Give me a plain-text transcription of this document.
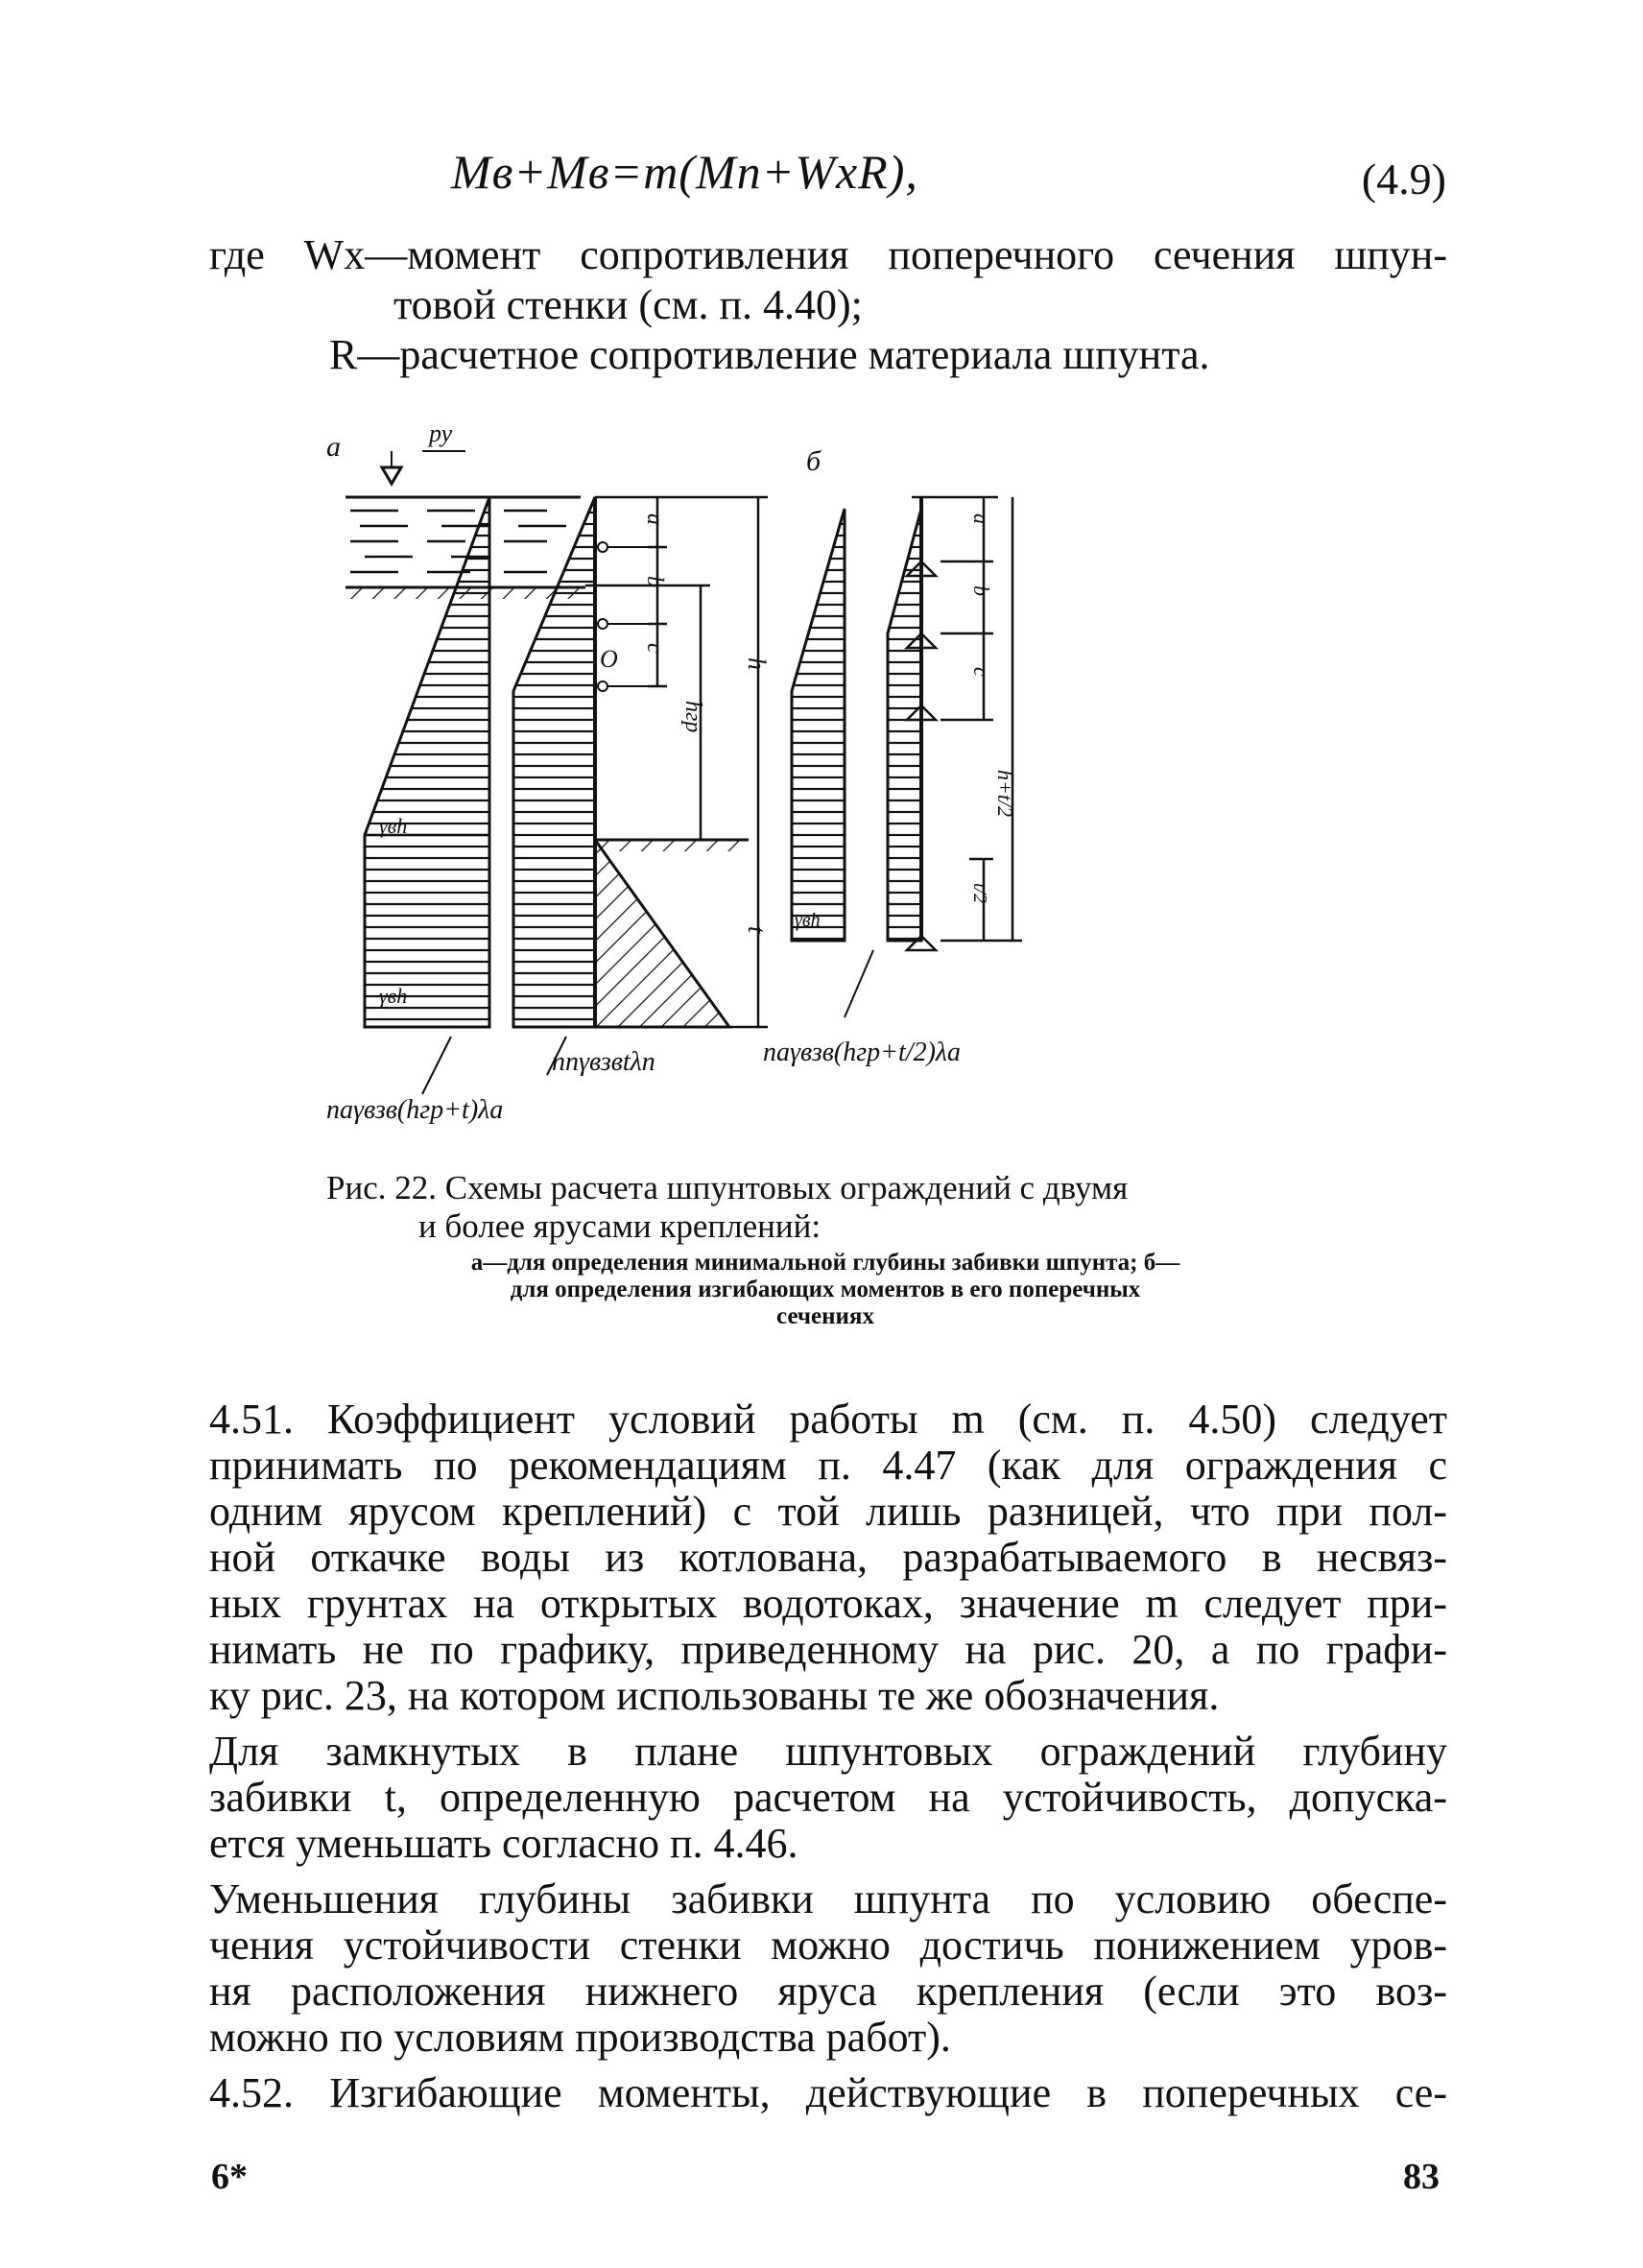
Mв+Mв=m(Mп+WxR),	(4.9)
где Wx—момент сопротивления поперечного сечения шпун-
товой стенки (см. п. 4.40);
R—расчетное сопротивление материала шпунта.
а	ру
γвh
γвh
О
а
b
с
hгр
h
t
nаγвзв(hгр+t)λа
nпγвзвtλп
б
γвh
а
b
с
h+t/2
t/2
nаγвзв(hгр+t/2)λа
Рис. 22. Схемы расчета шпунтовых ограждений с двумя
и более ярусами креплений:
а—для определения минимальной глубины забивки шпунта; б—
для определения изгибающих моментов в его поперечных
сечениях

4.51. Коэффициент условий работы m (см. п. 4.50) следует
принимать по рекомендациям п. 4.47 (как для ограждения с
одним ярусом креплений) с той лишь разницей, что при пол-
ной откачке воды из котлована, разрабатываемого в несвяз-
ных грунтах на открытых водотоках, значение m следует при-
нимать не по графику, приведенному на рис. 20, а по графи-
ку рис. 23, на котором использованы те же обозначения.

Для замкнутых в плане шпунтовых ограждений глубину
забивки t, определенную расчетом на устойчивость, допуска-
ется уменьшать согласно п. 4.46.

Уменьшения глубины забивки шпунта по условию обеспе-
чения устойчивости стенки можно достичь понижением уров-
ня расположения нижнего яруса крепления (если это воз-
можно по условиям производства работ).

4.52. Изгибающие моменты, действующие в поперечных се-

6*	83
